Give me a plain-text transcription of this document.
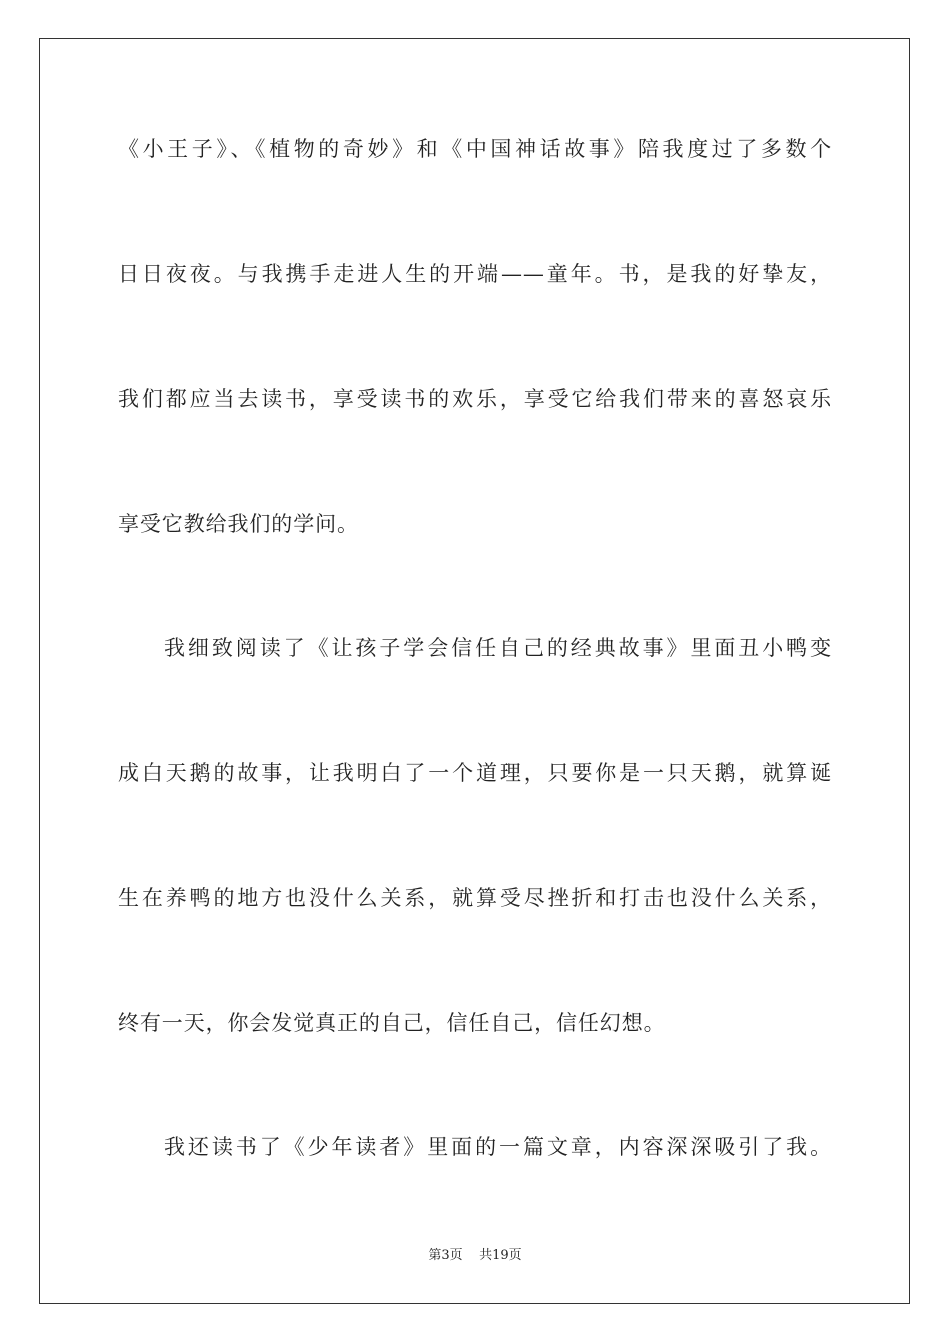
《小王子》、《植物的奇妙》和《中国神话故事》陪我度过了多数个
日日夜夜。与我携手走进人生的开端——童年。书，是我的好挚友，
我们都应当去读书，享受读书的欢乐，享受它给我们带来的喜怒哀乐
享受它教给我们的学问。
我细致阅读了《让孩子学会信任自己的经典故事》里面丑小鸭变
成白天鹅的故事，让我明白了一个道理，只要你是一只天鹅，就算诞
生在养鸭的地方也没什么关系，就算受尽挫折和打击也没什么关系，
终有一天，你会发觉真正的自己，信任自己，信任幻想。
我还读书了《少年读者》里面的一篇文章，内容深深吸引了我。
第3页 共19页
